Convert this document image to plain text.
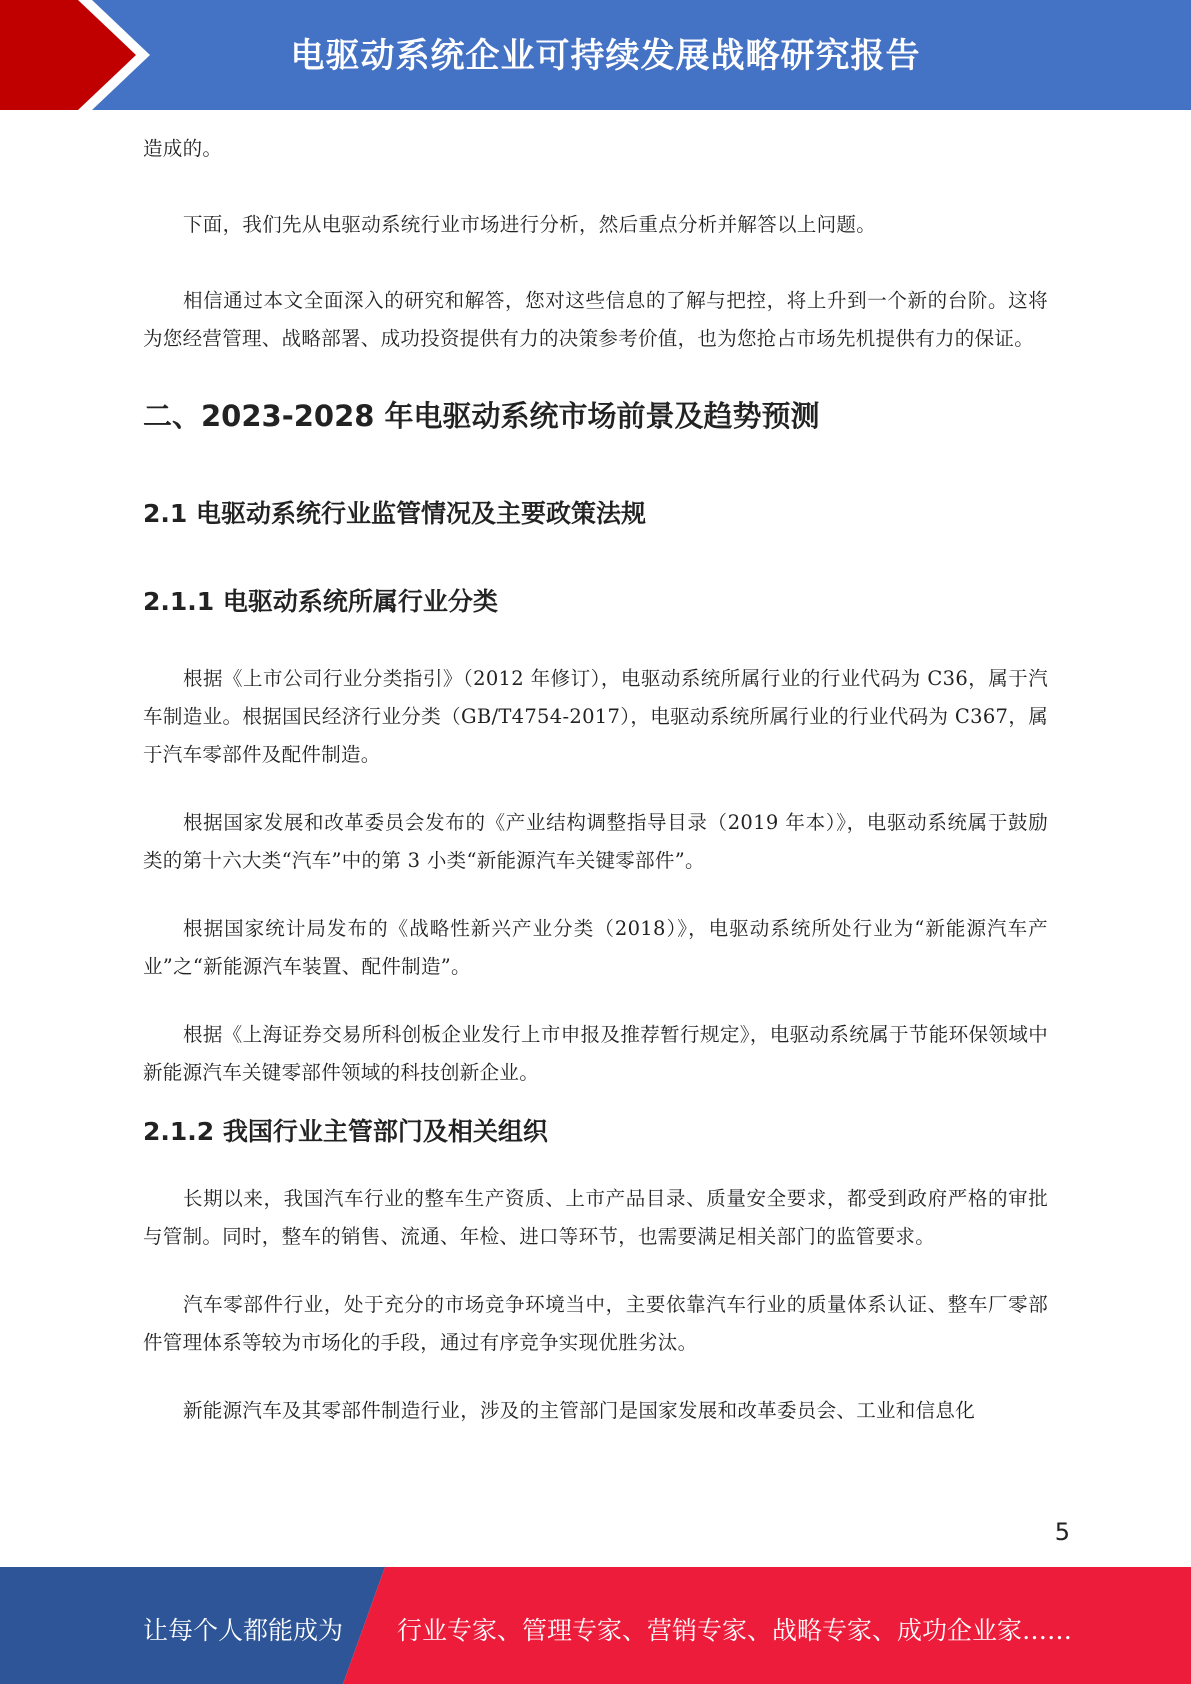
电驱动系统企业可持续发展战略研究报告

造成的。

下面，我们先从电驱动系统行业市场进行分析，然后重点分析并解答以上问题。

相信通过本文全面深入的研究和解答，您对这些信息的了解与把控，将上升到一个新的台阶。这将为您经营管理、战略部署、成功投资提供有力的决策参考价值，也为您抢占市场先机提供有力的保证。

二、2023-2028 年电驱动系统市场前景及趋势预测
2.1 电驱动系统行业监管情况及主要政策法规
2.1.1 电驱动系统所属行业分类

根据《上市公司行业分类指引》（2012 年修订），电驱动系统所属行业的行业代码为 C36，属于汽车制造业。根据国民经济行业分类（GB/T4754-2017），电驱动系统所属行业的行业代码为 C367，属于汽车零部件及配件制造。

根据国家发展和改革委员会发布的《产业结构调整指导目录（2019 年本）》，电驱动系统属于鼓励类的第十六大类“汽车”中的第 3 小类“新能源汽车关键零部件”。

根据国家统计局发布的《战略性新兴产业分类（2018）》，电驱动系统所处行业为“新能源汽车产业”之“新能源汽车装置、配件制造”。

根据《上海证券交易所科创板企业发行上市申报及推荐暂行规定》，电驱动系统属于节能环保领域中新能源汽车关键零部件领域的科技创新企业。

2.1.2 我国行业主管部门及相关组织

长期以来，我国汽车行业的整车生产资质、上市产品目录、质量安全要求，都受到政府严格的审批与管制。同时，整车的销售、流通、年检、进口等环节，也需要满足相关部门的监管要求。

汽车零部件行业，处于充分的市场竞争环境当中，主要依靠汽车行业的质量体系认证、整车厂零部件管理体系等较为市场化的手段，通过有序竞争实现优胜劣汰。

新能源汽车及其零部件制造行业，涉及的主管部门是国家发展和改革委员会、工业和信息化

5
让每个人都能成为 行业专家、管理专家、营销专家、战略专家、成功企业家……
